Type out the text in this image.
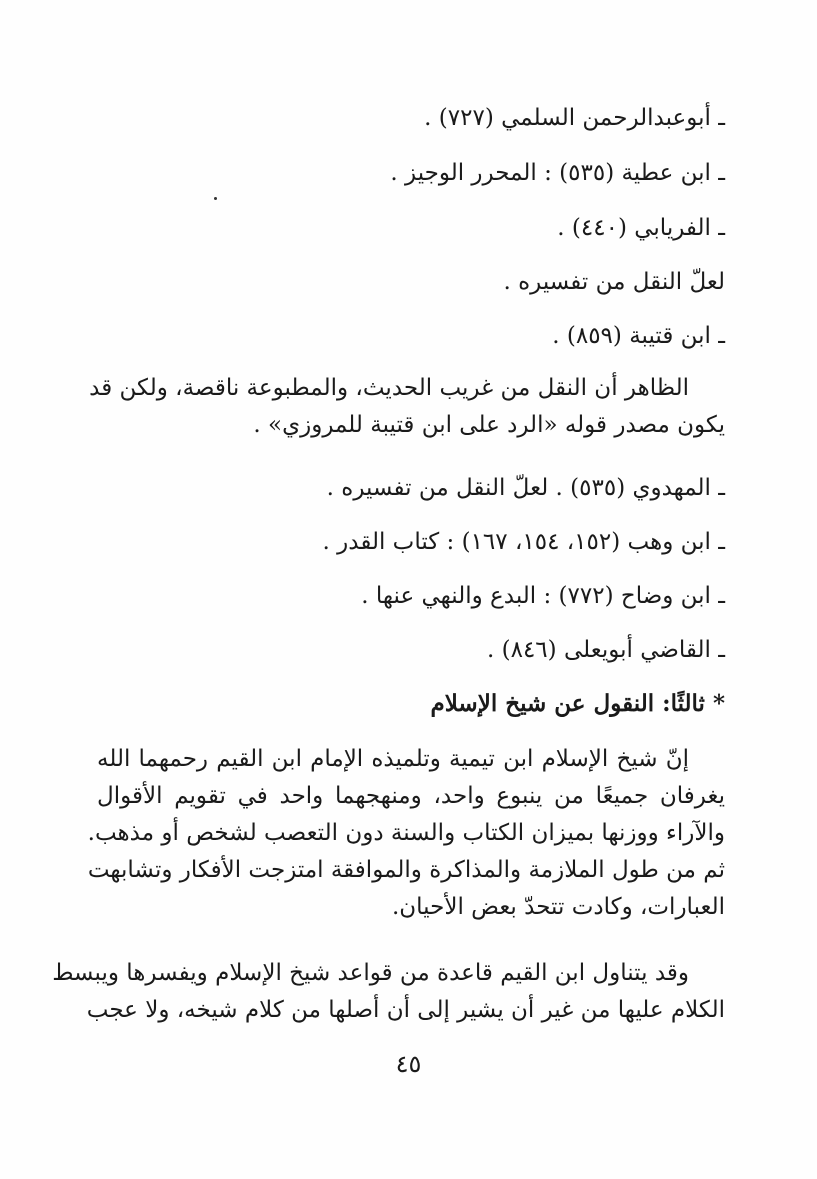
ـ أبوعبدالرحمن السلمي (٧٢٧) .
ـ ابن عطية (٥٣٥) : المحرر الوجيز .
ـ الفريابي (٤٤٠) .
لعلّ النقل من تفسيره .
ـ ابن قتيبة (٨٥٩) .
الظاهر أن النقل من غريب الحديث، والمطبوعة ناقصة، ولكن قد
يكون مصدر قوله «الرد على ابن قتيبة للمروزي» .
ـ المهدوي (٥٣٥) . لعلّ النقل من تفسيره .
ـ ابن وهب (١٥٢، ١٥٤، ١٦٧) : كتاب القدر .
ـ ابن وضاح (٧٧٢) : البدع والنهي عنها .
ـ القاضي أبويعلى (٨٤٦) .
* ثالثًا: النقول عن شيخ الإسلام
إنّ شيخ الإسلام ابن تيمية وتلميذه الإمام ابن القيم رحمهما الله
يغرفان جميعًا من ينبوع واحد، ومنهجهما واحد في تقويم الأقوال
والآراء ووزنها بميزان الكتاب والسنة دون التعصب لشخص أو مذهب.
ثم من طول الملازمة والمذاكرة والموافقة امتزجت الأفكار وتشابهت
العبارات، وكادت تتحدّ بعض الأحيان.
وقد يتناول ابن القيم قاعدة من قواعد شيخ الإسلام ويفسرها ويبسط
الكلام عليها من غير أن يشير إلى أن أصلها من كلام شيخه، ولا عجب
٤٥
